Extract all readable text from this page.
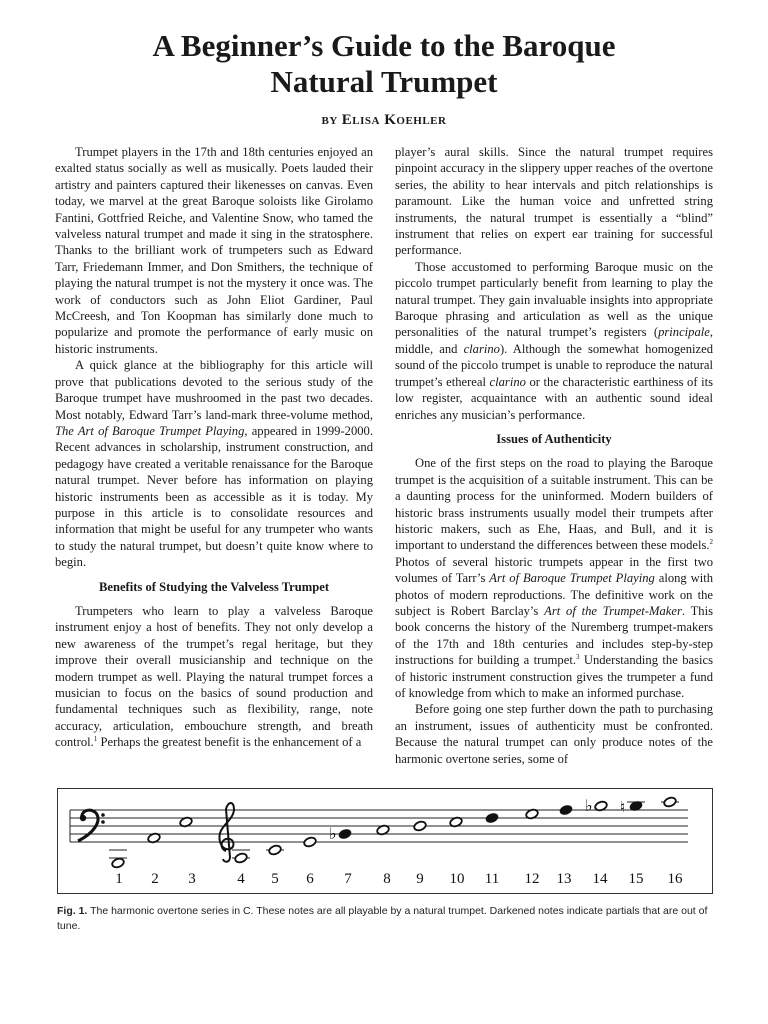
A Beginner’s Guide to the Baroque
Natural Trumpet
BY Elisa Koehler

Trumpet players in the 17th and 18th centuries enjoyed an exalted status socially as well as musically. Poets lauded their artistry and painters captured their likenesses on canvas. Even today, we marvel at the great Baroque soloists like Girolamo Fantini, Gottfried Reiche, and Valentine Snow, who tamed the valveless natural trumpet and made it sing in the stratosphere. Thanks to the brilliant work of trumpeters such as Edward Tarr, Friedemann Immer, and Don Smithers, the technique of playing the natural trumpet is not the mystery it once was. The work of conductors such as John Eliot Gardiner, Paul McCreesh, and Ton Koopman has similarly done much to popularize and promote the performance of early music on historic instruments.

A quick glance at the bibliography for this article will prove that publications devoted to the serious study of the Baroque trumpet have mushroomed in the past two decades. Most notably, Edward Tarr’s land-mark three-volume method, The Art of Baroque Trumpet Playing, appeared in 1999-2000. Recent advances in scholarship, instrument construction, and pedagogy have created a veritable renaissance for the Baroque natural trumpet. Never before has information on playing historic instruments been as accessible as it is today. My purpose in this article is to consolidate resources and information that might be useful for any trumpeter who wants to study the natural trumpet, but doesn’t quite know where to begin.

Benefits of Studying the Valveless Trumpet

Trumpeters who learn to play a valveless Baroque instrument enjoy a host of benefits. They not only develop a new awareness of the trumpet’s regal heritage, but they improve their overall musicianship and technique on the modern trumpet as well. Playing the natural trumpet forces a musician to focus on the basics of sound production and fundamental techniques such as flexibility, range, note accuracy, articulation, embouchure strength, and breath control.$^1$ Perhaps the greatest benefit is the enhancement of a

player’s aural skills. Since the natural trumpet requires pinpoint accuracy in the slippery upper reaches of the overtone series, the ability to hear intervals and pitch relationships is paramount. Like the human voice and unfretted string instruments, the natural trumpet is essentially a “blind” instrument that relies on expert ear training for successful performance.

Those accustomed to performing Baroque music on the piccolo trumpet particularly benefit from learning to play the natural trumpet. They gain invaluable insights into appropriate Baroque phrasing and articulation as well as the unique personalities of the natural trumpet’s registers (principale, middle, and clarino). Although the somewhat homogenized sound of the piccolo trumpet is unable to reproduce the natural trumpet’s ethereal clarino or the characteristic earthiness of its low register, acquaintance with an authentic sound ideal enriches any musician’s performance.

Issues of Authenticity

One of the first steps on the road to playing the Baroque trumpet is the acquisition of a suitable instrument. This can be a daunting process for the uninformed. Modern builders of historic brass instruments usually model their trumpets after historic makers, such as Ehe, Haas, and Bull, and it is important to understand the differences between these models.$^2$ Photos of several historic trumpets appear in the first two volumes of Tarr’s Art of Baroque Trumpet Playing along with photos of modern reproductions. The definitive work on the subject is Robert Barclay’s Art of the Trumpet-Maker. This book concerns the history of the Nuremberg trumpet-makers of the 17th and 18th centuries and includes step-by-step instructions for building a trumpet.$^3$ Understanding the basics of historic instrument construction gives the trumpeter a fund of knowledge from which to make an informed purchase.

Before going one step further down the path to purchasing an instrument, issues of authenticity must be confronted. Because the natural trumpet can only produce notes of the harmonic overtone series, some of

♭
♭ ♮
1 2 3	4 5 6 7 8 9 10 11 12 13 14 15 16
Fig. 1. The harmonic overtone series in C. These notes are all playable by a natural trumpet. Darkened notes indicate partials that are out of tune.
